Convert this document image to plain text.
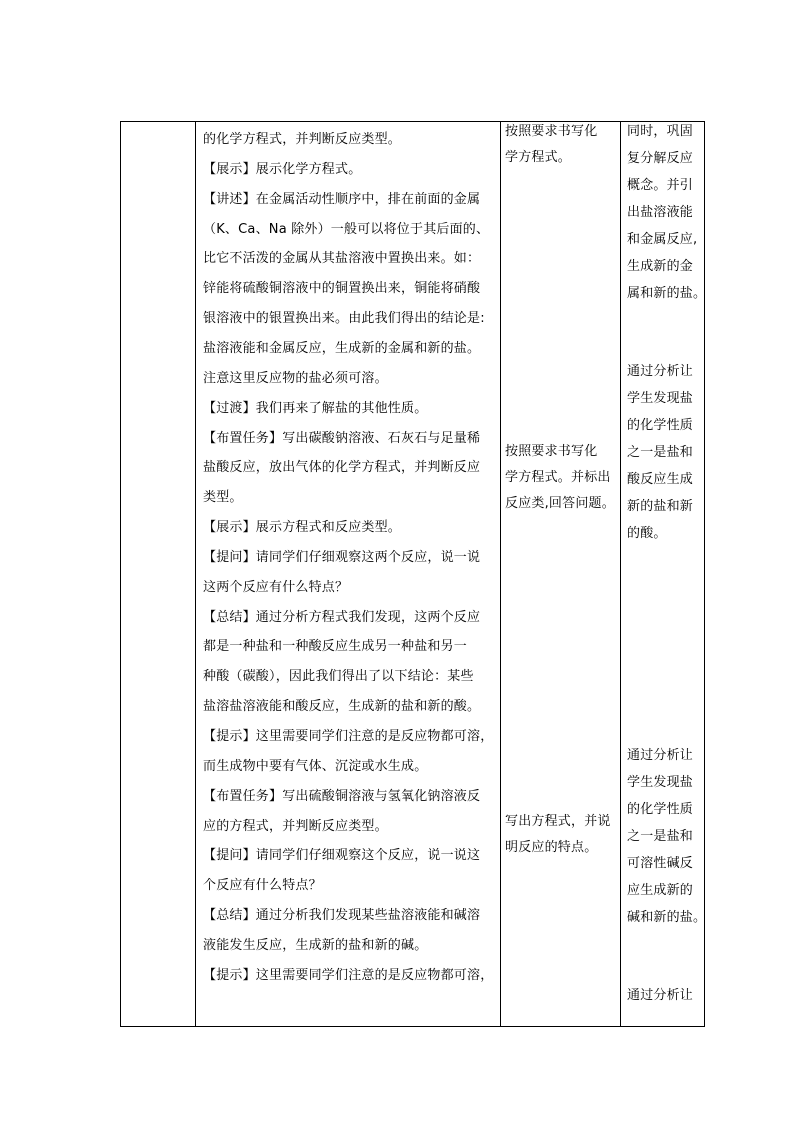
的化学方程式，并判断反应类型。
【展示】展示化学方程式。
【讲述】在金属活动性顺序中，排在前面的金属
（K、Ca、Na 除外）一般可以将位于其后面的、
比它不活泼的金属从其盐溶液中置换出来。如：
锌能将硫酸铜溶液中的铜置换出来，铜能将硝酸
银溶液中的银置换出来。由此我们得出的结论是:
盐溶液能和金属反应，生成新的金属和新的盐。
注意这里反应物的盐必须可溶。
【过渡】我们再来了解盐的其他性质。
【布置任务】写出碳酸钠溶液、石灰石与足量稀
盐酸反应，放出气体的化学方程式，并判断反应
类型。
【展示】展示方程式和反应类型。
【提问】请同学们仔细观察这两个反应，说一说
这两个反应有什么特点？
【总结】通过分析方程式我们发现，这两个反应
都是一种盐和一种酸反应生成另一种盐和另一
种酸（碳酸），因此我们得出了以下结论：某些
盐溶盐溶液能和酸反应，生成新的盐和新的酸。
【提示】这里需要同学们注意的是反应物都可溶，
而生成物中要有气体、沉淀或水生成。
【布置任务】写出硫酸铜溶液与氢氧化钠溶液反
应的方程式，并判断反应类型。
【提问】请同学们仔细观察这个反应，说一说这
个反应有什么特点？
【总结】通过分析我们发现某些盐溶液能和碱溶
液能发生反应，生成新的盐和新的碱。
【提示】这里需要同学们注意的是反应物都可溶，
按照要求书写化
学方程式。
按照要求书写化
学方程式。并标出
反应类,回答问题。
写出方程式，并说
明反应的特点。
同时，巩固
复分解反应
概念。并引
出盐溶液能
和金属反应,
生成新的金
属和新的盐。
通过分析让
学生发现盐
的化学性质
之一是盐和
酸反应生成
新的盐和新
的酸。
通过分析让
学生发现盐
的化学性质
之一是盐和
可溶性碱反
应生成新的
碱和新的盐。
通过分析让
